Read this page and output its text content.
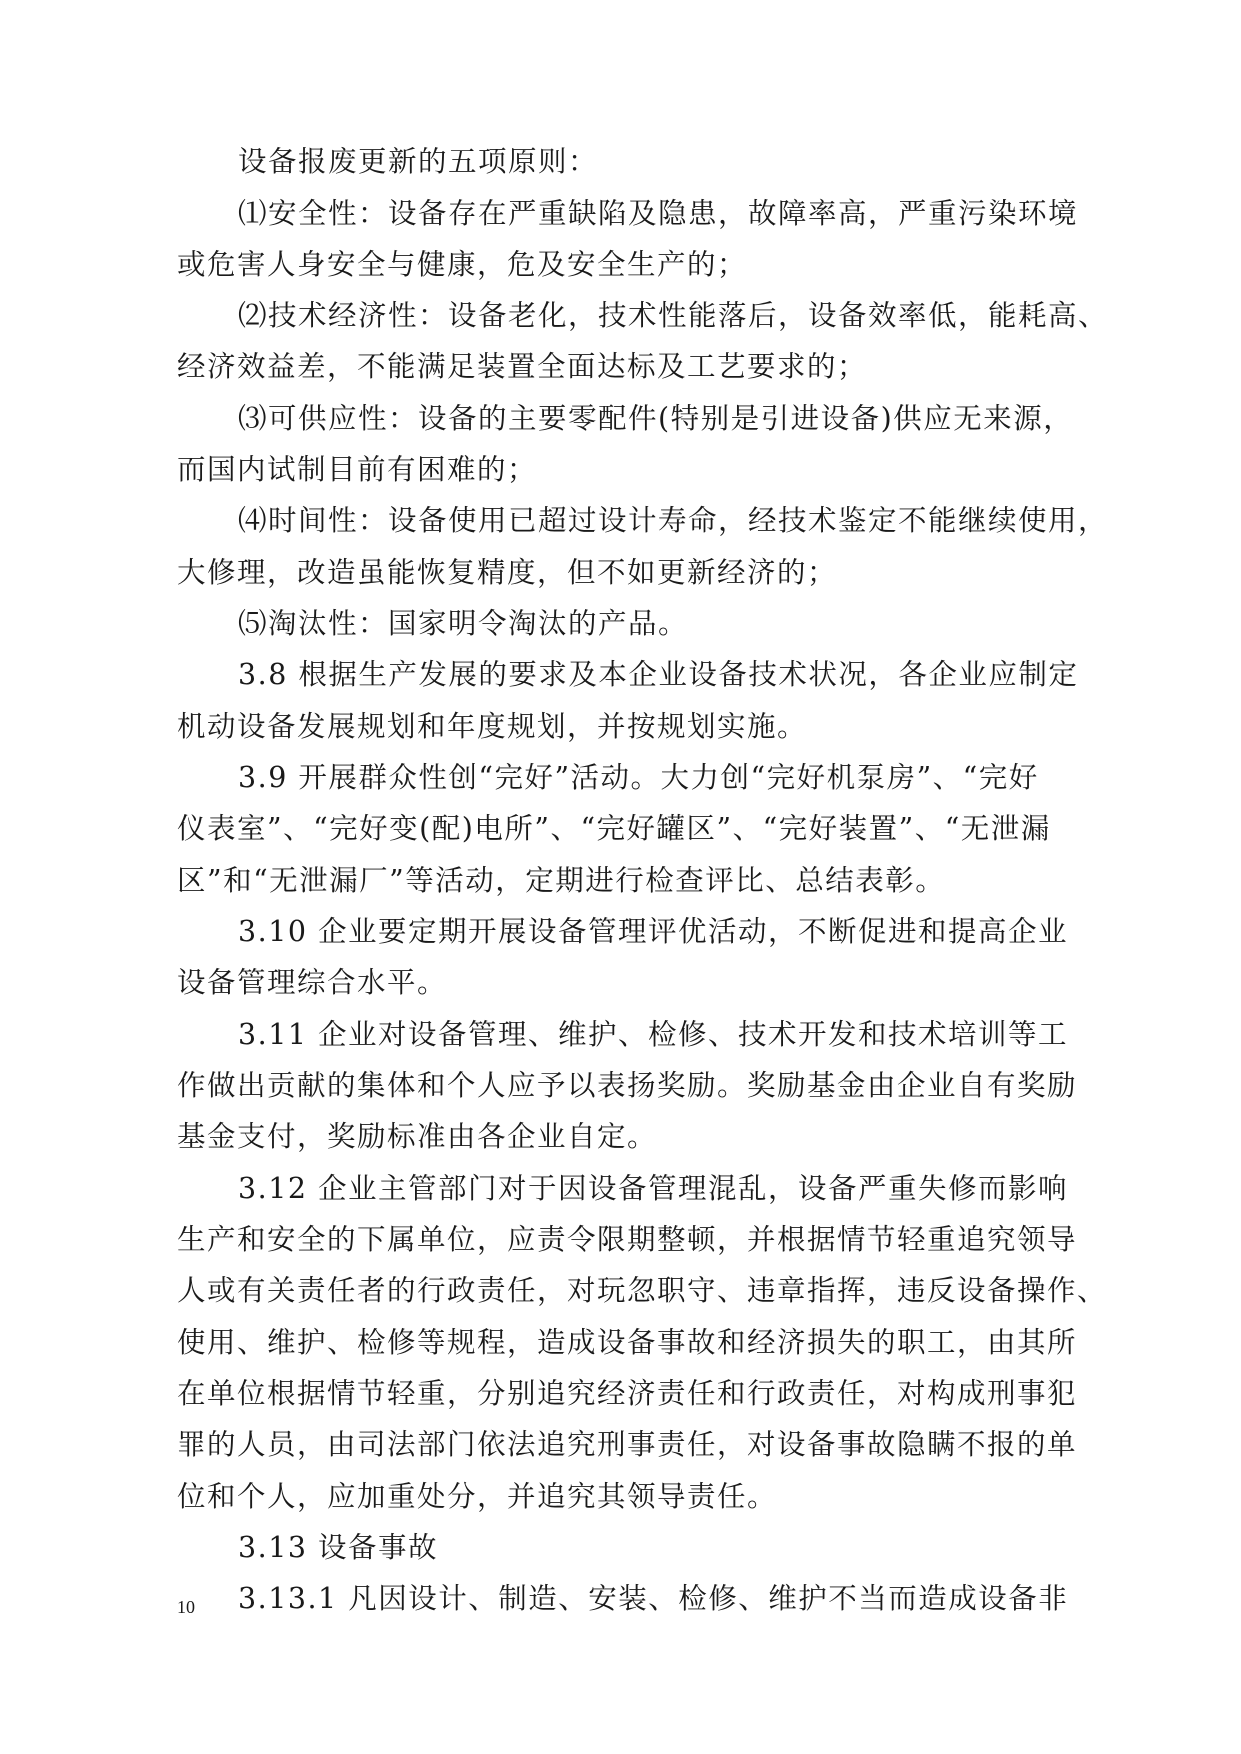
设备报废更新的五项原则：
⑴安全性：设备存在严重缺陷及隐患，故障率高，严重污染环境
或危害人身安全与健康，危及安全生产的；
⑵技术经济性：设备老化，技术性能落后，设备效率低，能耗高、
经济效益差，不能满足装置全面达标及工艺要求的；
⑶可供应性：设备的主要零配件(特别是引进设备)供应无来源，
而国内试制目前有困难的；
⑷时间性：设备使用已超过设计寿命，经技术鉴定不能继续使用，
大修理，改造虽能恢复精度，但不如更新经济的；
⑸淘汰性：国家明令淘汰的产品。
3.8 根据生产发展的要求及本企业设备技术状况，各企业应制定
机动设备发展规划和年度规划，并按规划实施。
3.9 开展群众性创“完好”活动。大力创“完好机泵房”、“完好
仪表室”、“完好变(配)电所”、“完好罐区”、“完好装置”、“无泄漏
区”和“无泄漏厂”等活动，定期进行检查评比、总结表彰。
3.10 企业要定期开展设备管理评优活动，不断促进和提高企业
设备管理综合水平。
3.11 企业对设备管理、维护、检修、技术开发和技术培训等工
作做出贡献的集体和个人应予以表扬奖励。奖励基金由企业自有奖励
基金支付，奖励标准由各企业自定。
3.12 企业主管部门对于因设备管理混乱，设备严重失修而影响
生产和安全的下属单位，应责令限期整顿，并根据情节轻重追究领导
人或有关责任者的行政责任，对玩忽职守、违章指挥，违反设备操作、
使用、维护、检修等规程，造成设备事故和经济损失的职工，由其所
在单位根据情节轻重，分别追究经济责任和行政责任，对构成刑事犯
罪的人员，由司法部门依法追究刑事责任，对设备事故隐瞒不报的单
位和个人，应加重处分，并追究其领导责任。
3.13 设备事故
3.13.1 凡因设计、制造、安装、检修、维护不当而造成设备非
10
